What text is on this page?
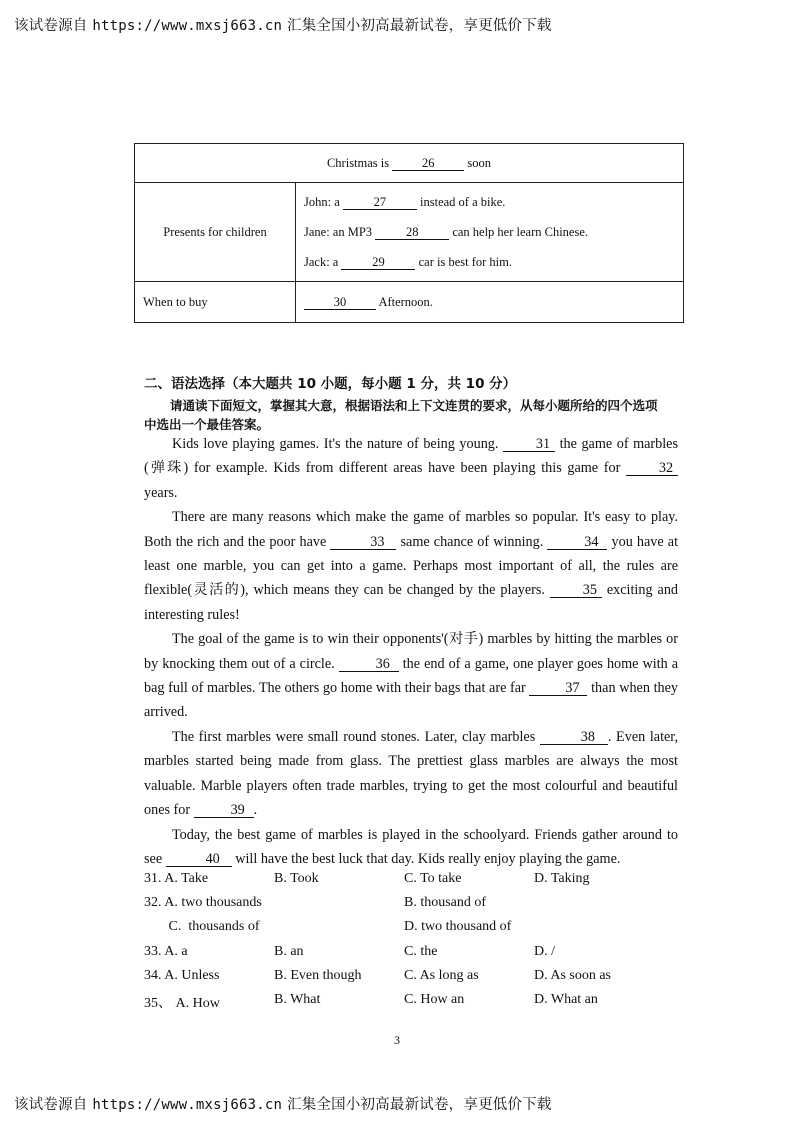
该试卷源自 https://www.mxsj663.cn 汇集全国小初高最新试卷，享更低价下载
Christmas is 26 soon	
Presents for children	John: a 27 instead of a bike.
Jane: an MP3 28 can help her learn Chinese.
Jack: a 29 car is best for him.

When to buy	30 Afternoon.
二、语法选择（本大题共 10 小题，每小题 1 分，共 10 分）

请通读下面短文，掌握其大意，根据语法和上下文连贯的要求，从每小题所给的四个选项

中选出一个最佳答案。

Kids love playing games. It's the nature of being young.	31 the game of marbles (弹珠) for example. Kids from different areas have been playing this game for	32 years.

There are many reasons which make the game of marbles so popular. It's easy to play. Both the rich and the poor have	33 same chance of winning.	34 you have at least one marble, you can get into a game. Perhaps most important of all, the rules are flexible(灵活的), which means they can be changed by the players.	35 exciting and interesting rules!

The goal of the game is to win their opponents'(对手) marbles by hitting the marbles or by knocking them out of a circle.	36 the end of a game, one player goes home with a bag full of marbles. The others go home with their bags that are far	37 than when they arrived.

The first marbles were small round stones. Later, clay marbles	38 . Even later, marbles started being made from glass. The prettiest glass marbles are always the most valuable. Marble players often trade marbles, trying to get the most colourful and beautiful ones for	39 .

Today, the best game of marbles is played in the schoolyard. Friends gather around to see	40 will have the best luck that day. Kids really enjoy playing the game.

31. A. Take	B. Took	C. To take	D. Taking
32. A. two thousands	B. thousand of
C.  thousands of	D. two thousand of
33. A. a	B. an	C. the	D. /
34. A. Unless	B. Even though	C. As long as	D. As soon as
35、 A. How	B. What	C. How an	D. What an
3
该试卷源自 https://www.mxsj663.cn 汇集全国小初高最新试卷，享更低价下载
